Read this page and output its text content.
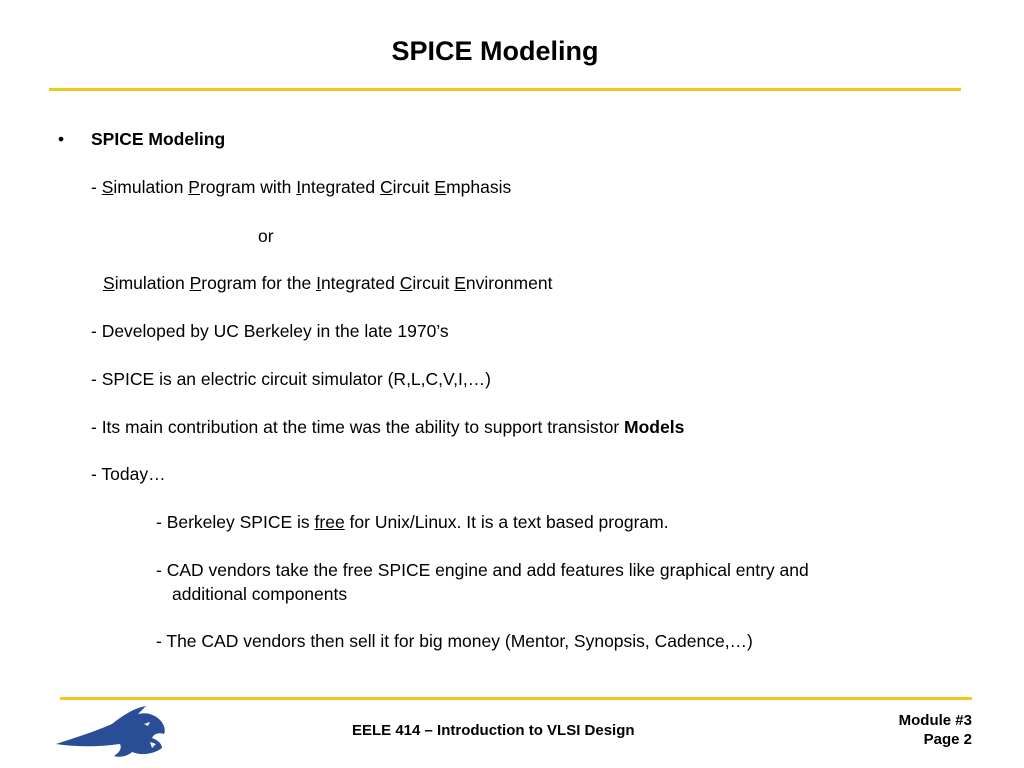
SPICE Modeling
• SPICE Modeling
- Simulation Program with Integrated Circuit Emphasis
or
Simulation Program for the Integrated Circuit Environment
- Developed by UC Berkeley in the late 1970’s
- SPICE is an electric circuit simulator (R,L,C,V,I,…)
- Its main contribution at the time was the ability to support transistor Models
- Today…
- Berkeley SPICE is free for Unix/Linux. It is a text based program.
- CAD vendors take the free SPICE engine and add features like graphical entry and
additional components
- The CAD vendors then sell it for big money (Mentor, Synopsis, Cadence,…)
EELE 414 – Introduction to VLSI Design
Module #3
Page 2
